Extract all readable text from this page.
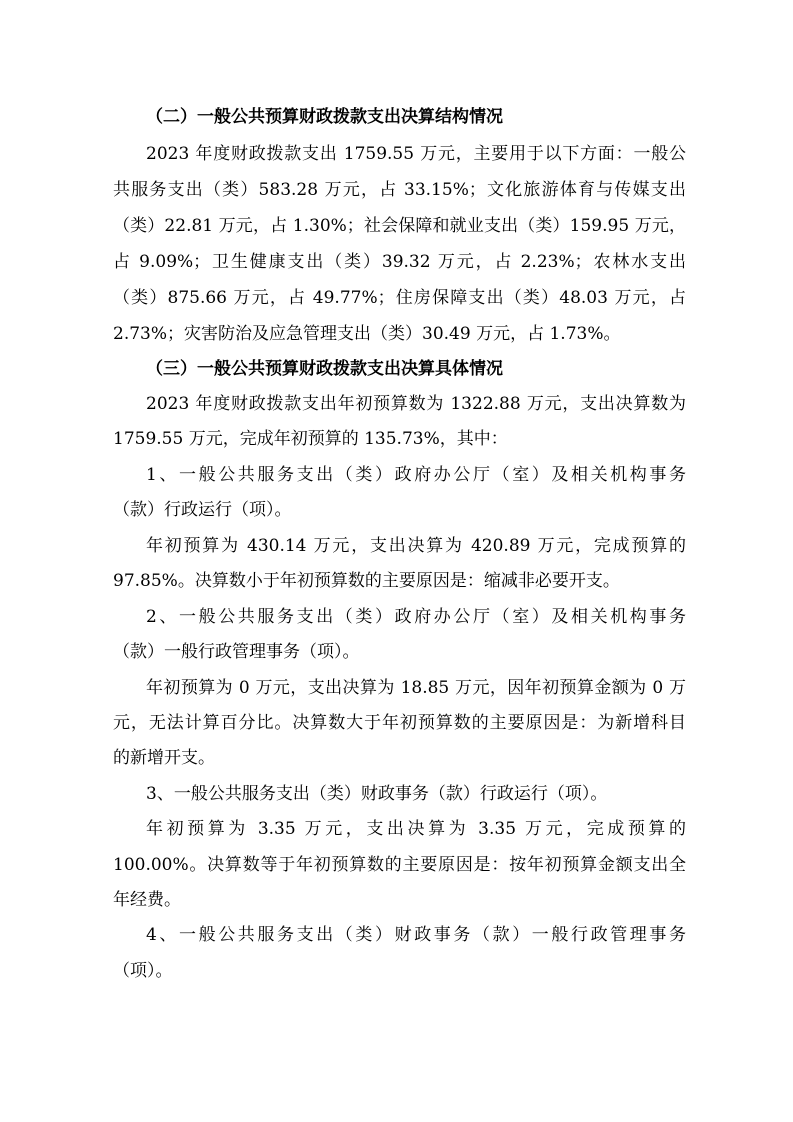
（二）一般公共预算财政拨款支出决算结构情况
2023 年度财政拨款支出 1759.55 万元，主要用于以下方面：一般公
共服务支出（类）583.28 万元，占 33.15%；文化旅游体育与传媒支出
（类）22.81 万元，占 1.30%；社会保障和就业支出（类）159.95 万元，
占 9.09%；卫生健康支出（类）39.32 万元，占 2.23%；农林水支出
（类）875.66 万元，占 49.77%；住房保障支出（类）48.03 万元，占
2.73%；灾害防治及应急管理支出（类）30.49 万元，占 1.73%。
（三）一般公共预算财政拨款支出决算具体情况
2023 年度财政拨款支出年初预算数为 1322.88 万元，支出决算数为
1759.55 万元，完成年初预算的 135.73%，其中：
1、一般公共服务支出（类）政府办公厅（室）及相关机构事务
（款）行政运行（项）。
年初预算为 430.14 万元，支出决算为 420.89 万元，完成预算的
97.85%。决算数小于年初预算数的主要原因是：缩减非必要开支。
2、一般公共服务支出（类）政府办公厅（室）及相关机构事务
（款）一般行政管理事务（项）。
年初预算为 0 万元，支出决算为 18.85 万元，因年初预算金额为 0 万
元，无法计算百分比。决算数大于年初预算数的主要原因是：为新增科目
的新增开支。
3、一般公共服务支出（类）财政事务（款）行政运行（项）。
年初预算为 3.35 万元，支出决算为 3.35 万元，完成预算的
100.00%。决算数等于年初预算数的主要原因是：按年初预算金额支出全
年经费。
4、一般公共服务支出（类）财政事务（款）一般行政管理事务
（项）。
